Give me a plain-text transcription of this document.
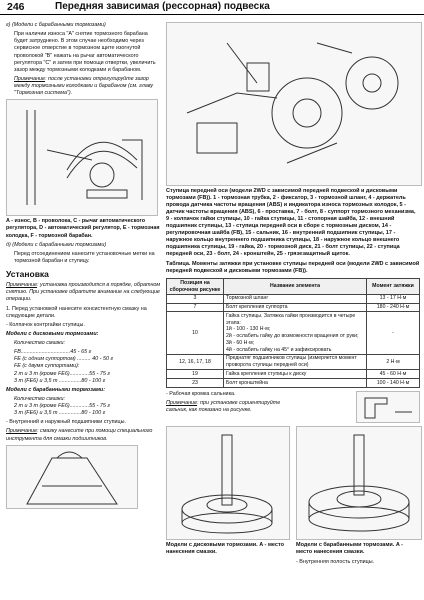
246	Передняя зависимая (рессорная) подвеска
г) (Модели с барабанными тормозами)
При наличии износа "A" снятие тормозного барабана будет затруднено. В этом случае необходимо через сервисное отверстие в тормозном щите изогнутой проволокой "B" нажать на рычаг автоматического регулятора "C" и затем при помощи отвертки, увеличить зазор между тормозными колодками и барабаном.
Примечание: после установки отрегулируйте зазор между тормозными колодками и барабаном (см. главу "Тормозная система").
A - износ, B - проволока, C - рычаг автоматического регулятора, D - автоматический регулятор, E - тормозная колодка, F - тормозной барабан.
д) (Модели с барабанными тормозами)
Перед отсоединением нанесите установочные метки на тормозной барабан и ступицу.
Установка
Примечание: установка производится в порядке, обратном снятию. При установке обратите внимание на следующие операции.
1. Перед установкой нанесите консистентную смазку на следующие детали.
- Колпачок контргайки ступицы.
Модели с дисковыми тормозами:
Количество смазки:
FB.................................45 - 65 г
FE (с одним суппортом) ......... 40 - 50 г
FE (с двумя суппортами):
2 т и 3 т (кроме FE6).............55 - 75 г
3 т (FE6) и 3,5 т ...............80 - 100 г
Модели с барабанными тормозами:
Количество смазки:
2 т и 3 т (кроме FE6).............55 - 75 г
3 т (FE6) и 3,5 т ...............80 - 100 г
- Внутренний и наружный подшипники ступицы.
Примечание: смазку нанесите при помощи специального инструмента для смазки подшипников.
Ступица передней оси (модели 2WD с зависимой передней подвеской и дисковыми тормозами (FB)). 1 - тормозная трубка, 2 - фиксатор, 3 - тормозной шланг, 4 - держатель провода датчика частоты вращения (ABS) и индикатора износа тормозных колодок, 5 - датчик частоты вращения (ABS), 6 - проставка, 7 - болт, 8 - суппорт тормозного механизма, 9 - колпачок гайки ступицы, 10 - гайка ступицы, 11 - стопорная шайба, 12 - внешний подшипник ступицы, 13 - ступица передней оси в сборе с тормозным диском, 14 - регулировочная шайба (FB), 15 - сальник, 16 - внутренний подшипник ступицы, 17 - наружное кольцо внутреннего подшипника ступицы, 18 - наружное кольцо внешнего подшипника ступицы, 19 - гайка, 20 - тормозной диск, 21 - болт ступицы, 22 - ступица передней оси, 23 - болт, 24 - кронштейн, 25 - грязезащитный щиток.
Таблица. Моменты затяжки при установке ступицы передней оси (модели 2WD с зависимой передней подвеской и дисковыми тормозами (FB)).
Позиция на сборочном рисунке	Название элемента	Момент затяжки
3	Тормозной шланг	13 - 17 Н·м
7	Болт крепления суппорта	180 - 240 Н·м
10	Гайка ступицы. Затяжка гайки производится в четыре этапа:
1й - 100 - 130 Н·м;
2й - ослабить гайку до возможности вращения от руки;
3й - 60 Н·м;
4й - ослабить гайку на 45° и зафиксировать	-
12, 16, 17, 18	Преднатяг подшипников ступицы (измеряется момент проворота ступицы передней оси)	2 Н·м
19	Гайка крепления ступицы к диску	45 - 60 Н·м
23	Болт кронштейна	100 - 140 Н·м
- Рабочая кромка сальника.
Примечание: при установке сориентируйте сальник, как показано на рисунке.
Модели с дисковыми тормозами. A - место нанесения смазки.
Модели с барабанными тормозами. A - место нанесения смазки.
- Внутренняя полость ступицы.
